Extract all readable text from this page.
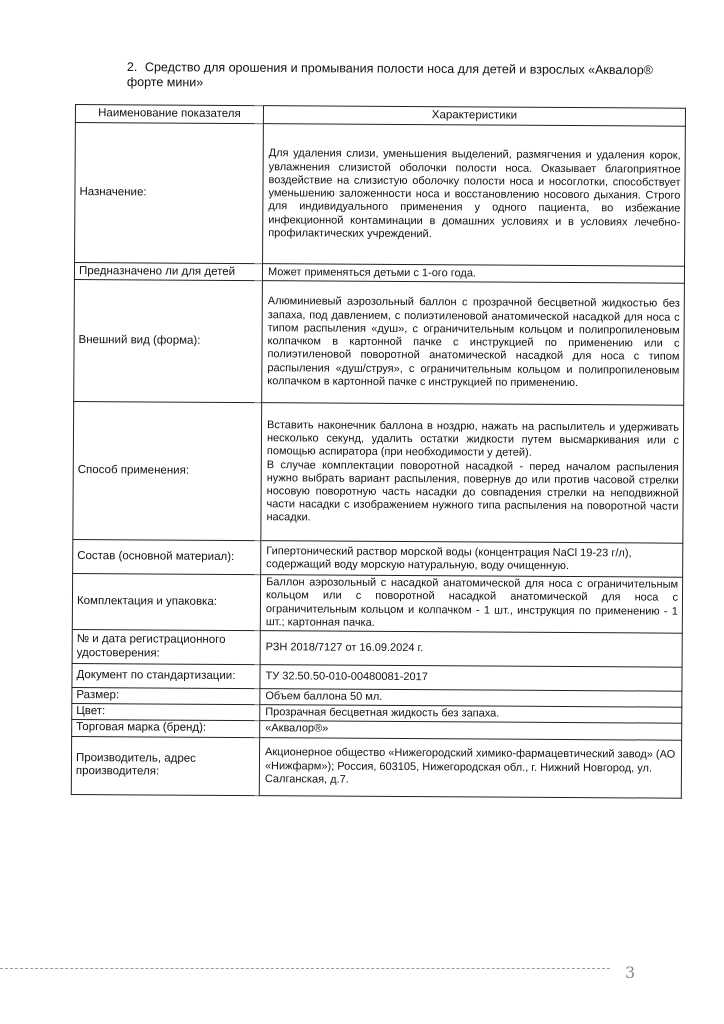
2. Средство для орошения и промывания полости носа для детей и взрослых «Аквалор® форте мини»
Наименование показателя	Характеристики
Назначение:	Для удаления слизи, уменьшения выделений, размягчения и удаления корок, увлажнения слизистой оболочки полости носа. Оказывает благоприятное воздействие на слизистую оболочку полости носа и носоглотки, способствует уменьшению заложенности носа и восстановлению носового дыхания. Строго для индивидуального применения у одного пациента, во избежание инфекционной контаминации в домашних условиях и в условиях лечебно-профилактических учреждений.
Предназначено ли для детей	Может применяться детьми с 1-ого года.
Внешний вид (форма):	Алюминиевый аэрозольный баллон с прозрачной бесцветной жидкостью без запаха, под давлением, с полиэтиленовой анатомической насадкой для носа с типом распыления «душ», с ограничительным кольцом и полипропиленовым колпачком в картонной пачке с инструкцией по применению или с полиэтиленовой поворотной анатомической насадкой для носа с типом распыления «душ/струя», с ограничительным кольцом и полипропиленовым колпачком в картонной пачке с инструкцией по применению.
Способ применения:	Вставить наконечник баллона в ноздрю, нажать на распылитель и удерживать несколько секунд, удалить остатки жидкости путем высмаркивания или с помощью аспиратора (при необходимости у детей).
В случае комплектации поворотной насадкой - перед началом распыления нужно выбрать вариант распыления, повернув до или против часовой стрелки носовую поворотную часть насадки до совпадения стрелки на неподвижной части насадки с изображением нужного типа распыления на поворотной части насадки.

Состав (основной материал):	Гипертонический раствор морской воды (концентрация NaCl 19-23 г/л), содержащий воду морскую натуральную, воду очищенную.
Комплектация и упаковка:	Баллон аэрозольный с насадкой анатомической для носа с ограничительным кольцом или с поворотной насадкой анатомической для носа с ограничительным кольцом и колпачком - 1 шт., инструкция по применению - 1 шт.; картонная пачка.
№ и дата регистрационного удостоверения:	РЗН 2018/7127 от 16.09.2024 г.
Документ по стандартизации:	ТУ 32.50.50-010-00480081-2017
Размер:	Объем баллона 50 мл.
Цвет:	Прозрачная бесцветная жидкость без запаха.
Торговая марка (бренд):	«Аквалор®»
Производитель, адрес производителя:	Акционерное общество «Нижегородский химико-фармацевтический завод» (АО «Нижфарм»); Россия, 603105, Нижегородская обл., г. Нижний Новгород, ул. Салганская, д.7.
3
